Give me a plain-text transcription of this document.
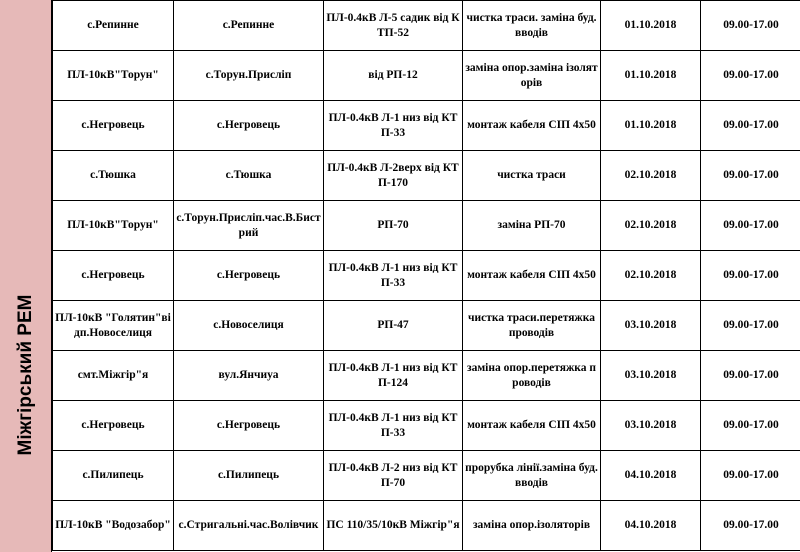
Міжгірський РЕМ
с.Репинне	с.Репинне	ПЛ-0.4кВ Л-5 садик від КТП-52	чистка траси. заміна буд.вводів	01.10.2018	09.00-17.00
ПЛ-10кВ"Торун"	с.Торун.Присліп	від РП-12	заміна опор.заміна ізоляторів	01.10.2018	09.00-17.00
с.Негровець	с.Негровець	ПЛ-0.4кВ Л-1 низ від КТП-33	монтаж кабеля СІП 4х50	01.10.2018	09.00-17.00
с.Тюшка	с.Тюшка	ПЛ-0.4кВ Л-2верх від КТП-170	чистка траси	02.10.2018	09.00-17.00
ПЛ-10кВ"Торун"	с.Торун.Присліп.час.В.Бистрий	РП-70	заміна РП-70	02.10.2018	09.00-17.00
с.Негровець	с.Негровець	ПЛ-0.4кВ Л-1 низ від КТП-33	монтаж кабеля СІП 4х50	02.10.2018	09.00-17.00
ПЛ-10кВ "Голятин"відп.Новоселиця	с.Новоселиця	РП-47	чистка траси.перетяжка проводів	03.10.2018	09.00-17.00
смт.Міжгір"я	вул.Янчиуа	ПЛ-0.4кВ Л-1 низ від КТП-124	заміна опор.перетяжка проводів	03.10.2018	09.00-17.00
с.Негровець	с.Негровець	ПЛ-0.4кВ Л-1 низ від КТП-33	монтаж кабеля СІП 4х50	03.10.2018	09.00-17.00
с.Пилипець	с.Пилипець	ПЛ-0.4кВ Л-2 низ від КТП-70	прорубка лінії.заміна буд.вводів	04.10.2018	09.00-17.00
ПЛ-10кВ "Водозабор"	с.Стригальні.час.Волівчик	ПС 110/35/10кВ Міжгір"я	заміна опор.ізоляторів	04.10.2018	09.00-17.00
